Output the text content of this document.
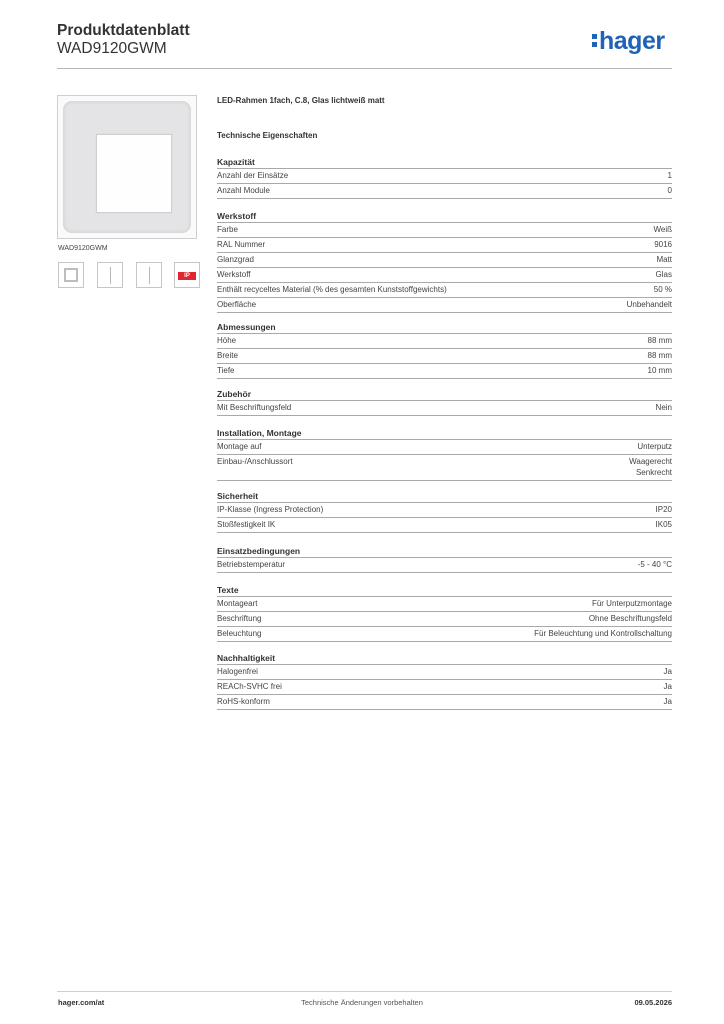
Produktdatenblatt
WAD9120GWM	hager
WAD9120GWM
IP
LED-Rahmen 1fach, C.8, Glas lichtweiß matt
Technische Eigenschaften
Kapazität
Anzahl der Einsätze	1
Anzahl Module	0
Werkstoff
Farbe	Weiß
RAL Nummer	9016
Glanzgrad	Matt
Werkstoff	Glas
Enthält recyceltes Material (% des gesamten Kunststoffgewichts)	50 %
Oberfläche	Unbehandelt
Abmessungen
Höhe	88 mm
Breite	88 mm
Tiefe	10 mm
Zubehör
Mit Beschriftungsfeld	Nein
Installation, Montage
Montage auf	Unterputz
Einbau-/Anschlussort	Waagerecht
Senkrecht
Sicherheit
IP-Klasse (Ingress Protection)	IP20
Stoßfestigkeit IK	IK05
Einsatzbedingungen
Betriebstemperatur	-5 - 40 °C
Texte
Montageart	Für Unterputzmontage
Beschriftung	Ohne Beschriftungsfeld
Beleuchtung	Für Beleuchtung und Kontrollschaltung
Nachhaltigkeit
Halogenfrei	Ja
REACh-SVHC frei	Ja
RoHS-konform	Ja
hager.com/at	Technische Änderungen vorbehalten	09.05.2026
